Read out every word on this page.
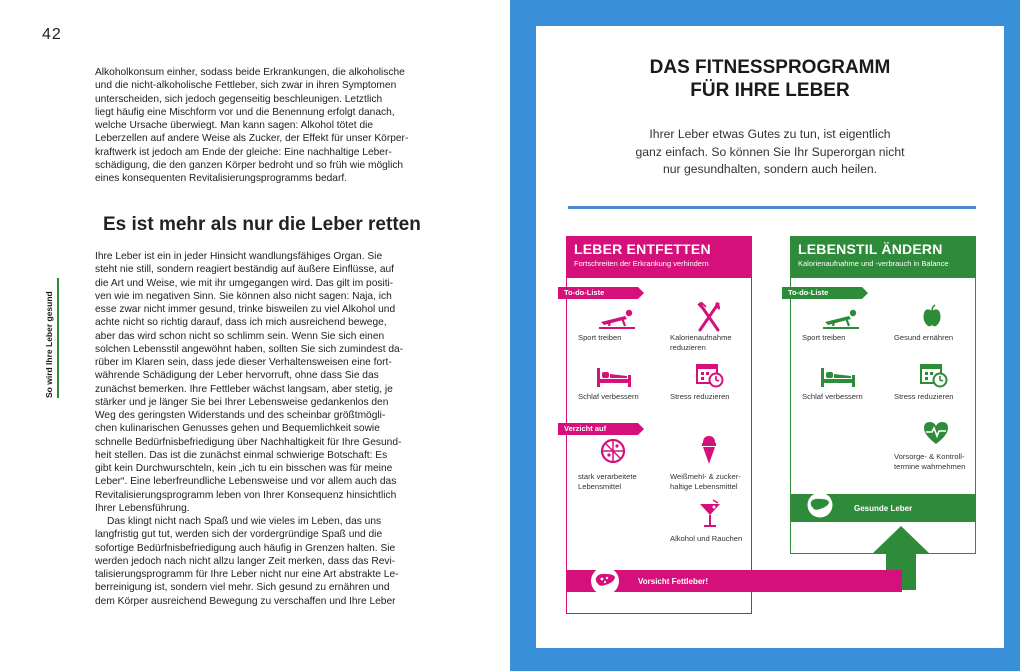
42
So wird Ihre Leber gesund
Alkoholkonsum einher, sodass beide Erkrankungen, die alkoholische
und die nicht-alkoholische Fettleber, sich zwar in ihren Symptomen
unterscheiden, sich jedoch gegenseitig beschleunigen. Letztlich
liegt häufig eine Mischform vor und die Benennung erfolgt danach,
welche Ursache überwiegt. Man kann sagen: Alkohol tötet die
Leberzellen auf andere Weise als Zucker, der Effekt für unser Körper-
kraftwerk ist jedoch am Ende der gleiche: Eine nachhaltige Leber-
schädigung, die den ganzen Körper bedroht und so früh wie möglich
eines konsequenten Revitalisierungsprogramms bedarf.
Es ist mehr als nur die Leber retten
Ihre Leber ist ein in jeder Hinsicht wandlungsfähiges Organ. Sie
steht nie still, sondern reagiert beständig auf äußere Einflüsse, auf
die Art und Weise, wie mit ihr umgegangen wird. Das gilt im positi-
ven wie im negativen Sinn. Sie können also nicht sagen: Naja, ich
esse zwar nicht immer gesund, trinke bisweilen zu viel Alkohol und
achte nicht so richtig darauf, dass ich mich ausreichend bewege,
aber das wird schon nicht so schlimm sein. Wenn Sie sich einen
solchen Lebensstil angewöhnt haben, sollten Sie sich zumindest da-
rüber im Klaren sein, dass jede dieser Verhaltensweisen eine fort-
währende Schädigung der Leber hervorruft, ohne dass Sie das
zunächst bemerken. Ihre Fettleber wächst langsam, aber stetig, je
stärker und je länger Sie bei Ihrer Lebensweise gedankenlos den
Weg des geringsten Widerstands und des scheinbar größtmögli-
chen kulinarischen Genusses gehen und Bequemlichkeit sowie
schnelle Bedürfnisbefriedigung über Nachhaltigkeit für Ihre Gesund-
heit stellen. Das ist die zunächst einmal schwierige Botschaft: Es
gibt kein Durchwurschteln, kein „ich tu ein bisschen was für meine
Leber“. Eine leberfreundliche Lebensweise und vor allem auch das
Revitalisierungsprogramm leben von Ihrer Konsequenz hinsichtlich
Ihrer Lebensführung.
Das klingt nicht nach Spaß und wie vieles im Leben, das uns
langfristig gut tut, werden sich der vordergründige Spaß und die
sofortige Bedürfnisbefriedigung auch häufig in Grenzen halten. Sie
werden jedoch nach nicht allzu langer Zeit merken, dass das Revi-
talisierungsprogramm für Ihre Leber nicht nur eine Art abstrakte Le-
berreinigung ist, sondern viel mehr. Sich gesund zu ernähren und
dem Körper ausreichend Bewegung zu verschaffen und Ihre Leber
DAS FITNESSPROGRAMM
FÜR IHRE LEBER
Ihrer Leber etwas Gutes zu tun, ist eigentlich
ganz einfach. So können Sie Ihr Superorgan nicht
nur gesundhalten, sondern auch heilen.
LEBER ENTFETTEN
Fortschreiten der Erkrankung verhindern
LEBENSTIL ÄNDERN
Kalorienaufnahme und -verbrauch in Balance
To-do-Liste	To-do-Liste
Verzicht auf
Sport treiben	Kalorienaufnahme
reduzieren
Schlaf verbessern	Stress reduzieren
stark verarbeitete
Lebensmittel
Weißmehl- & zucker-
haltige Lebensmittel
Alkohol und Rauchen
Sport treiben	Gesund ernähren
Schlaf verbessern	Stress reduzieren
Vorsorge- & Kontroll-
termine wahrnehmen
Gesunde Leber
Vorsicht Fettleber!
